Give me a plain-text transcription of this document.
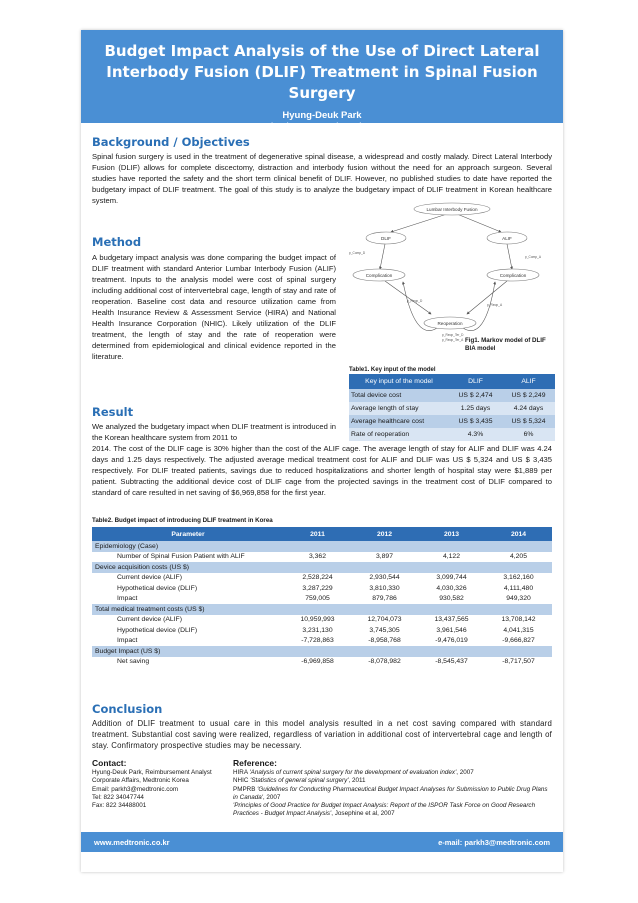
Budget Impact Analysis of the Use of Direct Lateral Interbody Fusion (DLIF) Treatment in Spinal Fusion Surgery
Hyung-Deuk Park
Medtronic Korea Co Ltd, Seoul, Korea
Background / Objectives
Spinal fusion surgery is used in the treatment of degenerative spinal disease, a widespread and costly malady. Direct Lateral Interbody Fusion (DLIF) allows for complete discectomy, distraction and interbody fusion without the need for an approach surgeon. Several studies have reported the safety and the short term clinical benefit of DLIF. However, no published studies to date have reported the budgetary impact of DLIF treatment. The goal of this study is to analyze the budgetary impact of DLIF treatment in Korean healthcare system.
Method
A budgetary impact analysis was done comparing the budget impact of DLIF treatment with standard Anterior Lumbar Interbody Fusion (ALIF) treatment. Inputs to the analysis model were cost of spinal surgery including additional cost of intervertebral cage, length of stay and rate of reoperation. Baseline cost data and resource utilization came from Health Insurance Review & Assessment Service (HIRA) and National Health Insurance Corporation (NHIC). Likely utilization of the DLIF treatment, the length of stay and the rate of reoperation were determined from epidemiological and clinical evidence reported in the literature.
Lumbar Interbody Fusion
DLIF	ALIF
Complication	Complication
Reoperation
p_Comp_D
p_Comp_A
p_Reop_D
p_Reop_A
p_Reop_Ter_D
p_Reop_Ter_A Fig1. Markov model of DLIF BIA model
Table1. Key input of the model
Key input of the model	DLIF	ALIF
Total device cost	US $ 2,474	US $ 2,249
Average length of stay	1.25 days	4.24 days
Average healthcare cost	US $ 3,435	US $ 5,324
Rate of reoperation	4.3%	6%
Result
We analyzed the budgetary impact when DLIF treatment is introduced in the Korean healthcare system from 2011 to
2014. The cost of the DLIF cage is 30% higher than the cost of the ALIF cage. The average length of stay for ALIF and DLIF was 4.24 days and 1.25 days respectively. The adjusted average medical treatment cost for ALIF and DLIF was US $ 5,324 and US $ 3,435 respectively. For DLIF treated patients, savings due to reduced hospitalizations and shorter length of hospital stay were $1,889 per patient. Subtracting the additional device cost of DLIF cage from the projected savings in the treatment cost of DLIF compared to standard of care resulted in net saving of $6,969,858 for the first year.
Table2. Budget impact of introducing DLIF treatment in Korea
Parameter	2011	2012	2013	2014
Epidemiology (Case)				
Number of Spinal Fusion Patient with ALIF	3,362	3,897	4,122	4,205
Device acquisition costs (US $)				
Current device (ALIF)	2,528,224	2,930,544	3,099,744	3,162,160
Hypothetical device (DLIF)	3,287,229	3,810,330	4,030,326	4,111,480
Impact	759,005	879,786	930,582	949,320
Total medical treatment costs (US $)				
Current device (ALIF)	10,959,993	12,704,073	13,437,565	13,708,142
Hypothetical device (DLIF)	3,231,130	3,745,305	3,961,546	4,041,315
Impact	-7,728,863	-8,958,768	-9,476,019	-9,666,827
Budget Impact (US $)				
Net saving	-6,969,858	-8,078,982	-8,545,437	-8,717,507
Conclusion
Addition of DLIF treatment to usual care in this model analysis resulted in a net cost saving compared with standard treatment. Substantial cost saving were realized, regardless of variation in additional cost of intervertebral cage and length of stay. Confirmatory prospective studies may be necessary.
Contact:
Hyung-Deuk Park, Reimbursement Analyst
Corporate Affairs, Medtronic Korea
Email: parkh3@medtronic.com
Tel: 822 34047744
Fax: 822 34488001
Reference:
HIRA 'Analysis of current spinal surgery for the development of evaluation index', 2007
NHIC 'Statistics of general spinal surgery', 2011
PMPRB 'Guidelines for Conducting Pharmaceutical Budget Impact Analyses for Submission to Public Drug Plans in Canada', 2007
'Principles of Good Practice for Budget Impact Analysis: Report of the ISPOR Task Force on Good Research Practices - Budget Impact Analysis', Josephine et al, 2007
www.medtronic.co.kr	e-mail: parkh3@medtronic.com
